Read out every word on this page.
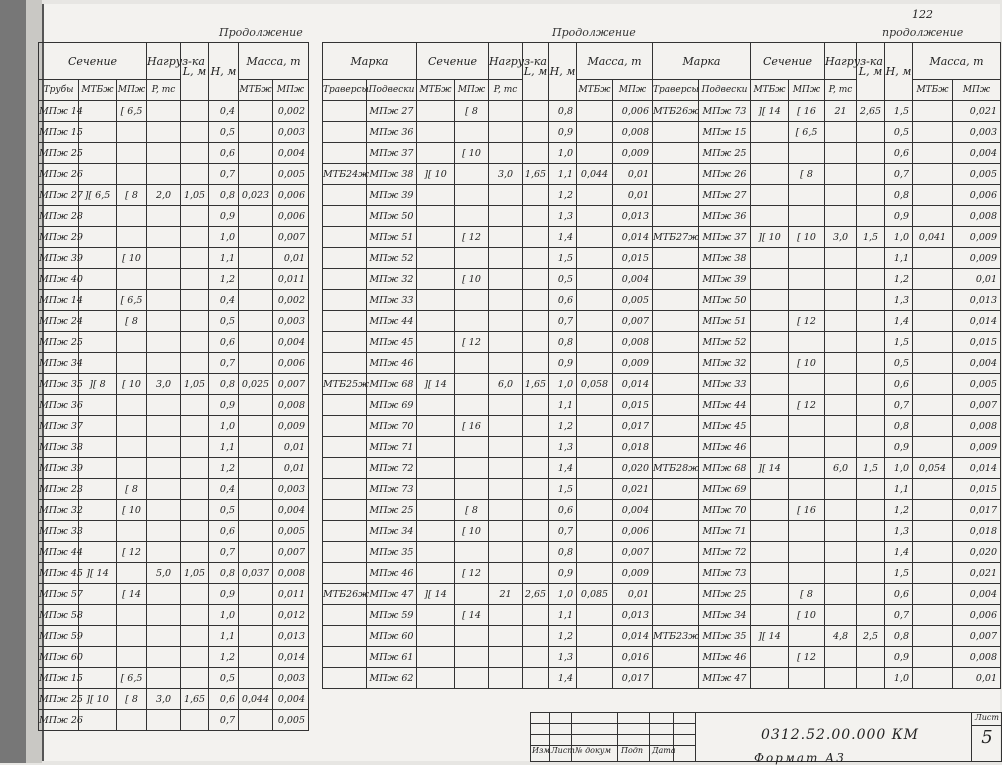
Продолжение	Продолжение	продолжение
122
Сечение			Нагруз-ка	L, м	H, м	Масса, т	
Трубы	МТБж	МПж	P, тс			МТБж	МПж
МПж 14		[ 6,5			0,4		0,002
МПж 15					0,5		0,003
МПж 25					0,6		0,004
МПж 26					0,7		0,005
МПж 27	][ 6,5	[ 8	2,0	1,05	0,8	0,023	0,006
МПж 28					0,9		0,006
МПж 29					1,0		0,007
МПж 39		[ 10			1,1		0,01
МПж 40					1,2		0,011
МПж 14		[ 6,5			0,4		0,002
МПж 24		[ 8			0,5		0,003
МПж 25					0,6		0,004
МПж 34					0,7		0,006
МПж 35	][ 8	[ 10	3,0	1,05	0,8	0,025	0,007
МПж 36					0,9		0,008
МПж 37					1,0		0,009
МПж 38					1,1		0,01
МПж 39					1,2		0,01
МПж 23		[ 8			0,4		0,003
МПж 32		[ 10			0,5		0,004
МПж 33					0,6		0,005
МПж 44		[ 12			0,7		0,007
МПж 45	][ 14		5,0	1,05	0,8	0,037	0,008
МПж 57		[ 14			0,9		0,011
МПж 58					1,0		0,012
МПж 59					1,1		0,013
МПж 60					1,2		0,014
МПж 15		[ 6,5			0,5		0,003
МПж 25	][ 10	[ 8	3,0	1,65	0,6	0,044	0,004
МПж 26					0,7		0,005
Марка		Сечение		Нагруз-ка	L, м	H, м	Масса, т	
Траверсы	Подвески	МТБж	МПж	P, тс			МТБж	МПж
	МПж 27		[ 8			0,8		0,006
	МПж 36					0,9		0,008
	МПж 37		[ 10			1,0		0,009
МТБ24ж	МПж 38	][ 10		3,0	1,65	1,1	0,044	0,01
	МПж 39					1,2		0,01
	МПж 50					1,3		0,013
	МПж 51		[ 12			1,4		0,014
	МПж 52					1,5		0,015
	МПж 32		[ 10			0,5		0,004
	МПж 33					0,6		0,005
	МПж 44					0,7		0,007
	МПж 45		[ 12			0,8		0,008
	МПж 46					0,9		0,009
МТБ25ж	МПж 68	][ 14		6,0	1,65	1,0	0,058	0,014
	МПж 69					1,1		0,015
	МПж 70		[ 16			1,2		0,017
	МПж 71					1,3		0,018
	МПж 72					1,4		0,020
	МПж 73					1,5		0,021
	МПж 25		[ 8			0,6		0,004
	МПж 34		[ 10			0,7		0,006
	МПж 35					0,8		0,007
	МПж 46		[ 12			0,9		0,009
МТБ26ж	МПж 47	][ 14		21	2,65	1,0	0,085	0,01
	МПж 59		[ 14			1,1		0,013
	МПж 60					1,2		0,014
	МПж 61					1,3		0,016
	МПж 62					1,4		0,017
Марка		Сечение		Нагруз-ка	L, м	H, м	Масса, т	
Траверсы	Подвески	МТБж	МПж	P, тс			МТБж	МПж
МТБ26ж	МПж 73	][ 14	[ 16	21	2,65	1,5		0,021
	МПж 15		[ 6,5			0,5		0,003
	МПж 25					0,6		0,004
	МПж 26		[ 8			0,7		0,005
	МПж 27					0,8		0,006
	МПж 36					0,9		0,008
МТБ27ж	МПж 37	][ 10	[ 10	3,0	1,5	1,0	0,041	0,009
	МПж 38					1,1		0,009
	МПж 39					1,2		0,01
	МПж 50					1,3		0,013
	МПж 51		[ 12			1,4		0,014
	МПж 52					1,5		0,015
	МПж 32		[ 10			0,5		0,004
	МПж 33					0,6		0,005
	МПж 44		[ 12			0,7		0,007
	МПж 45					0,8		0,008
	МПж 46					0,9		0,009
МТБ28ж	МПж 68	][ 14		6,0	1,5	1,0	0,054	0,014
	МПж 69					1,1		0,015
	МПж 70		[ 16			1,2		0,017
	МПж 71					1,3		0,018
	МПж 72					1,4		0,020
	МПж 73					1,5		0,021
	МПж 25		[ 8			0,6		0,004
	МПж 34		[ 10			0,7		0,006
МТБ23ж	МПж 35	][ 14		4,8	2,5	0,8		0,007
	МПж 46		[ 12			0,9		0,008
	МПж 47					1,0		0,01
Изм Лист № докум Подп Дата
0312.52.00.000 КМ
Лист
5
Формат А3
